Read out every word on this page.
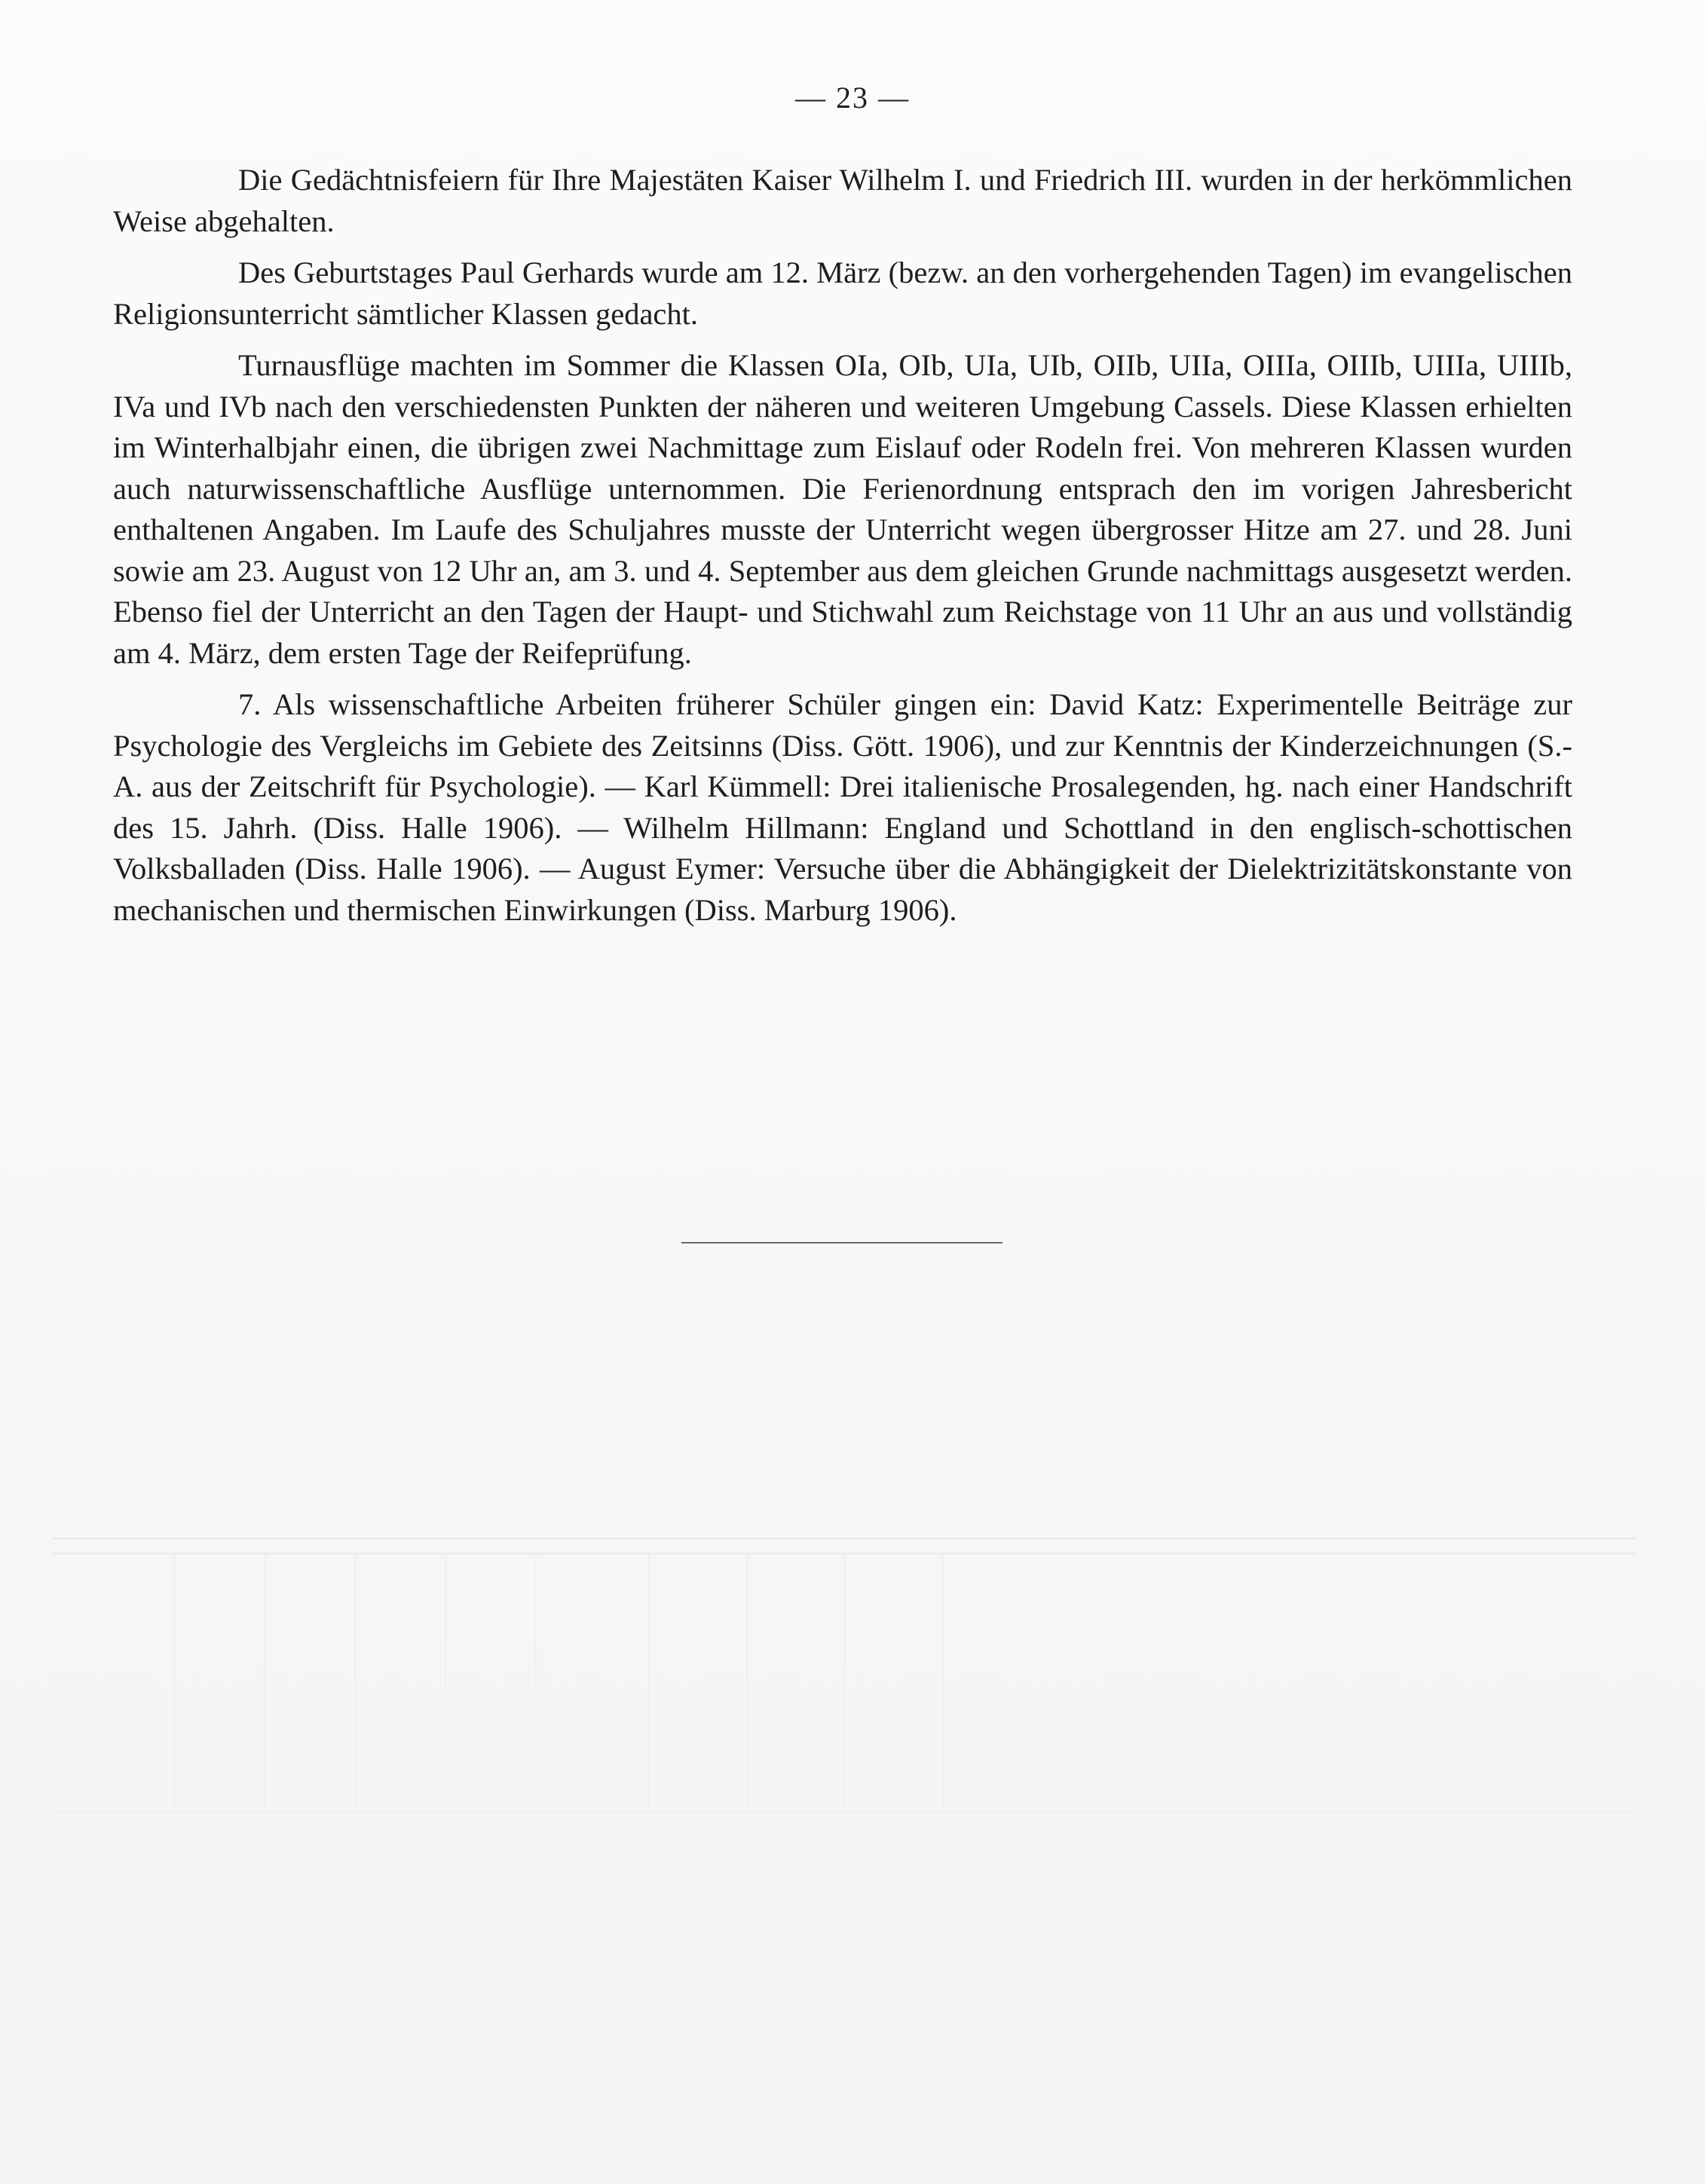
— 23 —

Die Gedächtnisfeiern für Ihre Majestäten Kaiser Wilhelm I. und Friedrich III. wurden in der herkömmlichen Weise abgehalten.

Des Geburtstages Paul Gerhards wurde am 12. März (bezw. an den vorhergehenden Tagen) im evangelischen Religionsunterricht sämtlicher Klassen gedacht.

Turnausflüge machten im Sommer die Klassen OIa, OIb, UIa, UIb, OIIb, UIIa, OIIIa, OIIIb, UIIIa, UIIIb, IVa und IVb nach den verschiedensten Punkten der näheren und weiteren Umgebung Cassels. Diese Klassen erhielten im Winterhalbjahr einen, die übrigen zwei Nachmittage zum Eislauf oder Rodeln frei. Von mehreren Klassen wurden auch naturwissenschaftliche Ausflüge unternommen. Die Ferienordnung entsprach den im vorigen Jahresbericht enthaltenen Angaben. Im Laufe des Schuljahres musste der Unterricht wegen übergrosser Hitze am 27. und 28. Juni sowie am 23. August von 12 Uhr an, am 3. und 4. September aus dem gleichen Grunde nachmittags ausgesetzt werden. Ebenso fiel der Unterricht an den Tagen der Haupt- und Stichwahl zum Reichstage von 11 Uhr an aus und vollständig am 4. März, dem ersten Tage der Reifeprüfung.

7. Als wissenschaftliche Arbeiten früherer Schüler gingen ein: David Katz: Experimentelle Beiträge zur Psychologie des Vergleichs im Gebiete des Zeitsinns (Diss. Gött. 1906), und zur Kenntnis der Kinderzeichnungen (S.-A. aus der Zeitschrift für Psychologie). — Karl Kümmell: Drei italienische Prosalegenden, hg. nach einer Handschrift des 15. Jahrh. (Diss. Halle 1906). — Wilhelm Hillmann: England und Schottland in den englisch-schottischen Volksballaden (Diss. Halle 1906). — August Eymer: Versuche über die Abhängigkeit der Dielektrizitätskonstante von mechanischen und thermischen Einwirkungen (Diss. Marburg 1906).
